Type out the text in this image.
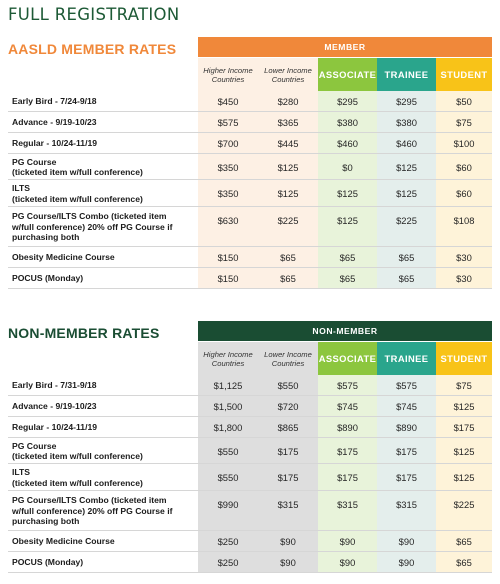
FULL REGISTRATION
AASLD MEMBER RATES	MEMBER
Higher Income Countries
Lower Income Countries	ASSOCIATE TRAINEE	STUDENT
Early Bird - 7/24-9/18	$450	$280	$295	$295	$50
Advance - 9/19-10/23	$575	$365	$380	$380	$75
Regular - 10/24-11/19	$700	$445	$460	$460	$100
PG Course
(ticketed item w/full conference)	$350	$125	$0	$125	$60
ILTS
(ticketed item w/full conference)	$350	$125	$125	$125	$60
PG Course/ILTS Combo (ticketed item
w/full conference) 20% off PG Course if
purchasing both
$630	$225	$125	$225	$108
Obesity Medicine Course	$150	$65	$65	$65	$30
POCUS (Monday)	$150	$65	$65	$65	$30
NON-MEMBER RATES	NON-MEMBER
Higher Income Countries
Lower Income Countries	ASSOCIATE TRAINEE	STUDENT
Early Bird - 7/31-9/18	$1,125	$550	$575	$575	$75
Advance - 9/19-10/23	$1,500	$720	$745	$745	$125
Regular - 10/24-11/19	$1,800	$865	$890	$890	$175
PG Course
(ticketed item w/full conference)	$550	$175	$175	$175	$125
ILTS
(ticketed item w/full conference)	$550	$175	$175	$175	$125
PG Course/ILTS Combo (ticketed item
w/full conference) 20% off PG Course if
purchasing both
$990	$315	$315	$315	$225
Obesity Medicine Course	$250	$90	$90	$90	$65
POCUS (Monday)	$250	$90	$90	$90	$65
